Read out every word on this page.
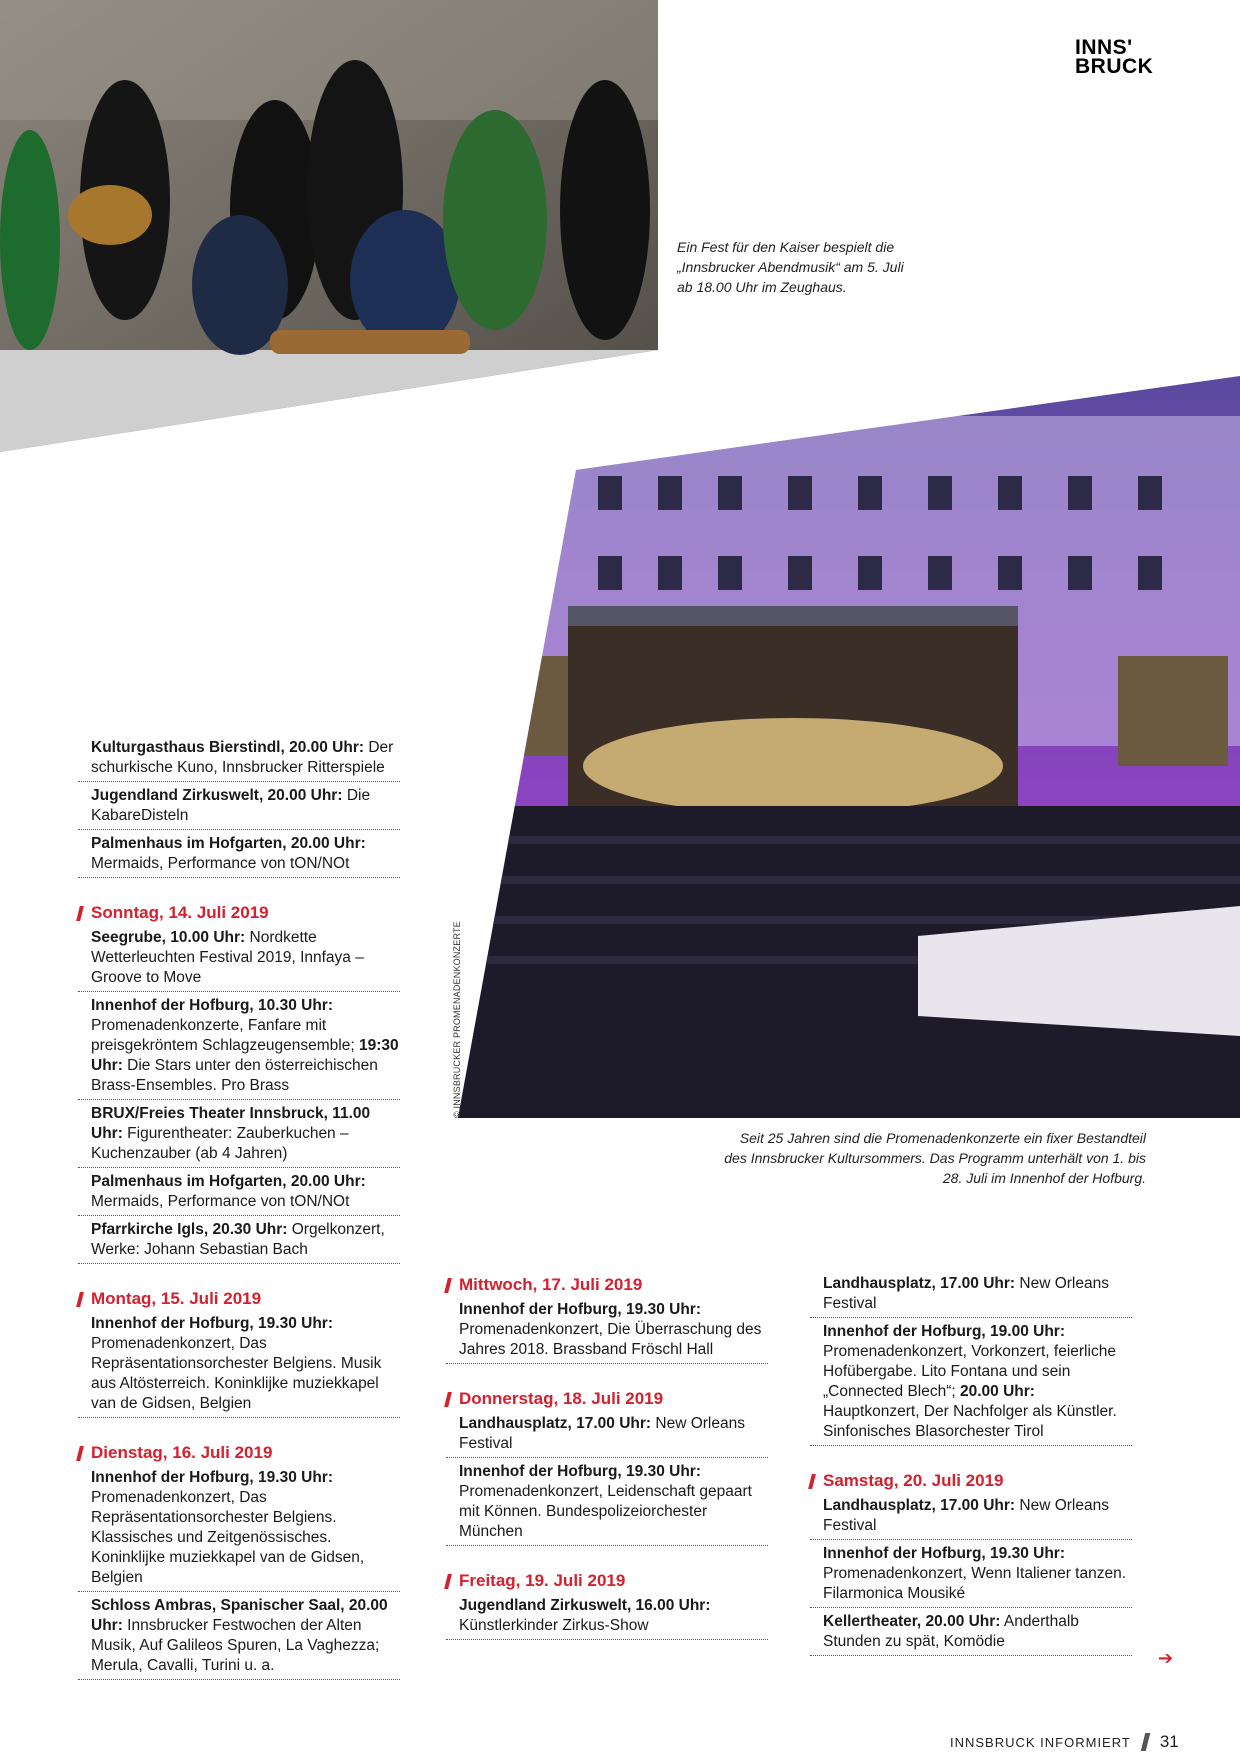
INNS'
BRUCK
Ein Fest für den Kaiser bespielt die „Innsbrucker Abendmusik“ am 5. Juli ab 18.00 Uhr im Zeughaus.
Seit 25 Jahren sind die Promenadenkonzerte ein fixer Bestandteil des Innsbrucker Kultursommers. Das Programm unterhält von 1. bis 28. Juli im Innenhof der Hofburg.
© INNSBRUCKER PROMENADENKONZERTE
Kulturgasthaus Bierstindl, 20.00 Uhr: Der schurkische Kuno, Innsbrucker Ritterspiele
Jugendland Zirkuswelt, 20.00 Uhr: Die KabareDisteln
Palmenhaus im Hofgarten, 20.00 Uhr: Mermaids, Performance von tON/NOt
Sonntag, 14. Juli 2019
Seegrube, 10.00 Uhr: Nordkette Wetterleuchten Festival 2019, Innfaya – Groove to Move
Innenhof der Hofburg, 10.30 Uhr: Promenadenkonzerte, Fanfare mit preisgekröntem Schlagzeugensemble; 19:30 Uhr: Die Stars unter den österreichischen Brass-Ensembles. Pro Brass
BRUX/Freies Theater Innsbruck, 11.00 Uhr: Figurentheater: Zauberkuchen – Kuchenzauber (ab 4 Jahren)
Palmenhaus im Hofgarten, 20.00 Uhr: Mermaids, Performance von tON/NOt
Pfarrkirche Igls, 20.30 Uhr: Orgelkonzert, Werke: Johann Sebastian Bach
Montag, 15. Juli 2019
Innenhof der Hofburg, 19.30 Uhr: Promenadenkonzert, Das Repräsentationsorchester Belgiens. Musik aus Altösterreich. Koninklijke muziekkapel van de Gidsen, Belgien
Dienstag, 16. Juli 2019
Innenhof der Hofburg, 19.30 Uhr: Promenadenkonzert, Das Repräsentationsorchester Belgiens. Klassisches und Zeitgenössisches. Koninklijke muziekkapel van de Gidsen, Belgien
Schloss Ambras, Spanischer Saal, 20.00 Uhr: Innsbrucker Festwochen der Alten Musik, Auf Galileos Spuren, La Vaghezza; Merula, Cavalli, Turini u. a.
Mittwoch, 17. Juli 2019
Innenhof der Hofburg, 19.30 Uhr: Promenadenkonzert, Die Überraschung des Jahres 2018. Brassband Fröschl Hall
Donnerstag, 18. Juli 2019
Landhausplatz, 17.00 Uhr: New Orleans Festival
Innenhof der Hofburg, 19.30 Uhr: Promenadenkonzert, Leidenschaft gepaart mit Können. Bundespolizeiorchester München
Freitag, 19. Juli 2019
Jugendland Zirkuswelt, 16.00 Uhr: Künstlerkinder Zirkus-Show
Landhausplatz, 17.00 Uhr: New Orleans Festival
Innenhof der Hofburg, 19.00 Uhr: Promenadenkonzert, Vorkonzert, feierliche Hofübergabe. Lito Fontana und sein „Connected Blech“; 20.00 Uhr: Hauptkonzert, Der Nachfolger als Künstler. Sinfonisches Blasorchester Tirol
Samstag, 20. Juli 2019
Landhausplatz, 17.00 Uhr: New Orleans Festival
Innenhof der Hofburg, 19.30 Uhr: Promenadenkonzert, Wenn Italiener tanzen. Filarmonica Mousiké
Kellertheater, 20.00 Uhr: Anderthalb Stunden zu spät, Komödie
➔
INNSBRUCK INFORMIERT 31
